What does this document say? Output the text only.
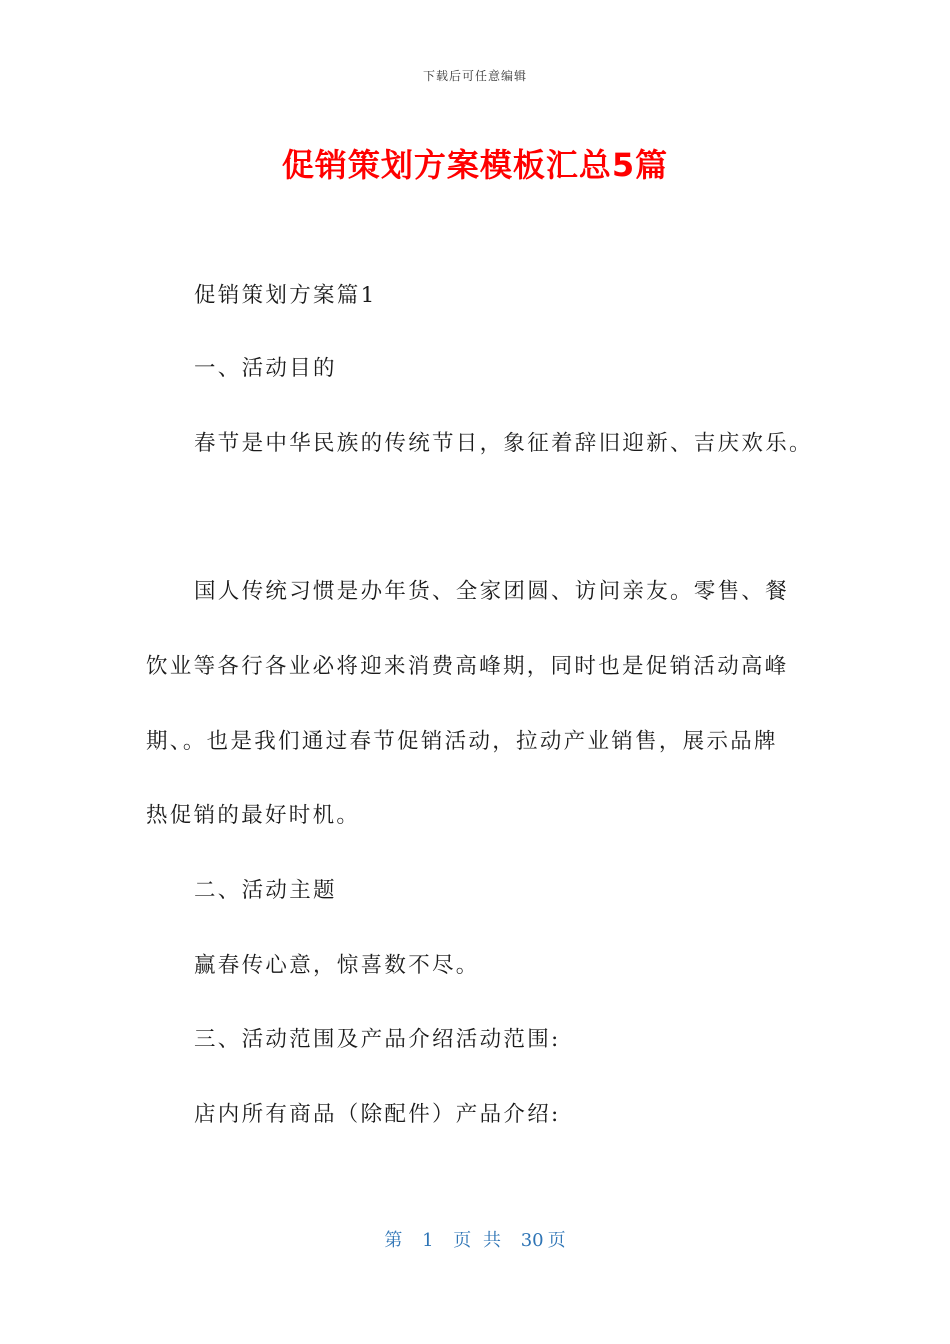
下载后可任意编辑
促销策划方案模板汇总5篇
促销策划方案篇1
一、活动目的
春节是中华民族的传统节日，象征着辞旧迎新、吉庆欢乐。
国人传统习惯是办年货、全家团圆、访问亲友。零售、餐
饮业等各行各业必将迎来消费高峰期，同时也是促销活动高峰
期、。也是我们通过春节促销活动，拉动产业销售，展示品牌
热促销的最好时机。
二、活动主题
赢春传心意，惊喜数不尽。
三、活动范围及产品介绍活动范围:
店内所有商品（除配件）产品介绍:
第 1 页 共 30 页
